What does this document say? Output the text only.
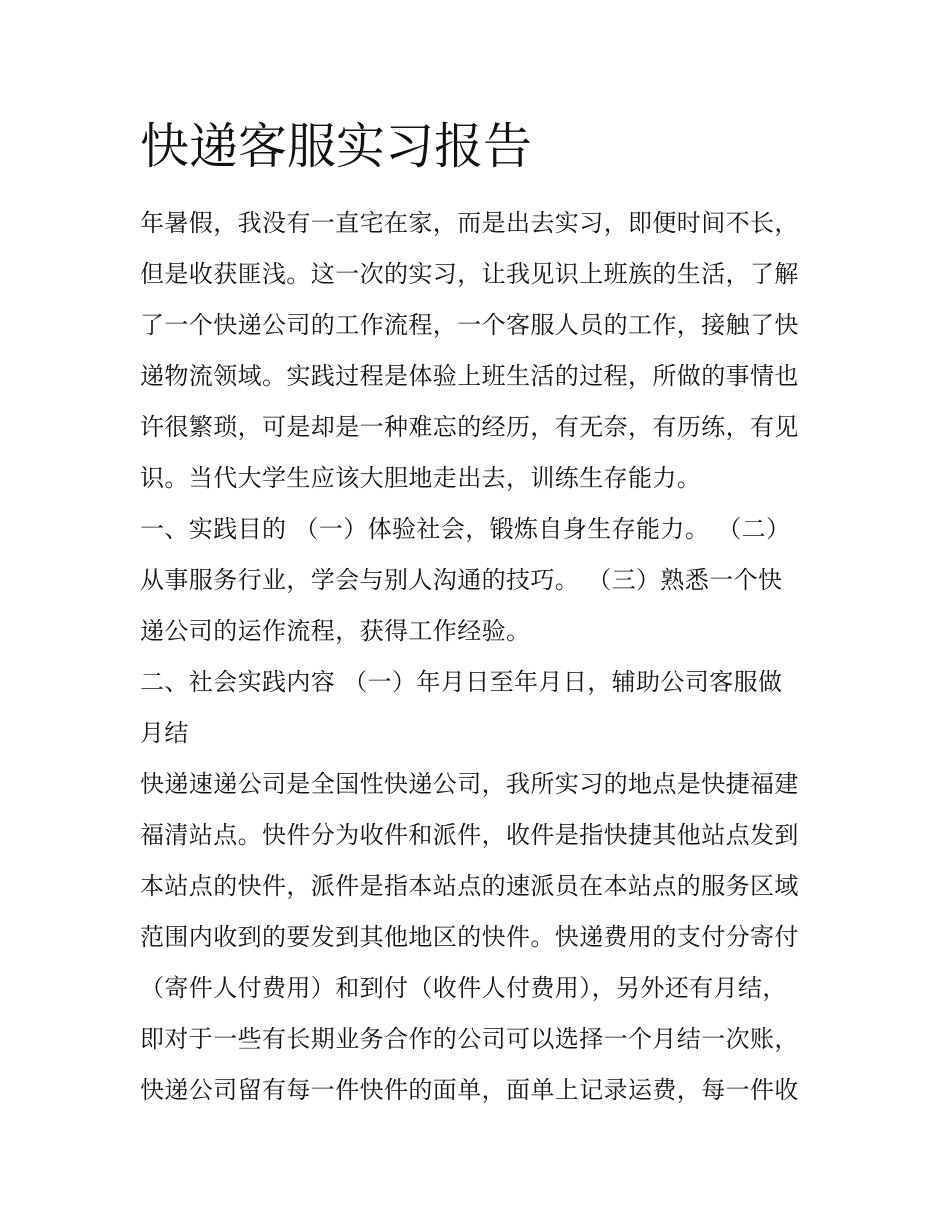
快递客服实习报告
年暑假，我没有一直宅在家，而是出去实习，即便时间不长，
但是收获匪浅。这一次的实习，让我见识上班族的生活，了解
了一个快递公司的工作流程，一个客服人员的工作，接触了快
递物流领域。实践过程是体验上班生活的过程，所做的事情也
许很繁琐，可是却是一种难忘的经历，有无奈，有历练，有见
识。当代大学生应该大胆地走出去，训练生存能力。
一、实践目的 （一）体验社会，锻炼自身生存能力。 （二）
从事服务行业，学会与别人沟通的技巧。 （三）熟悉一个快
递公司的运作流程，获得工作经验。
二、社会实践内容 （一）年月日至年月日，辅助公司客服做
月结
快递速递公司是全国性快递公司，我所实习的地点是快捷福建
福清站点。快件分为收件和派件，收件是指快捷其他站点发到
本站点的快件，派件是指本站点的速派员在本站点的服务区域
范围内收到的要发到其他地区的快件。快递费用的支付分寄付
（寄件人付费用）和到付（收件人付费用），另外还有月结，
即对于一些有长期业务合作的公司可以选择一个月结一次账，
快递公司留有每一件快件的面单，面单上记录运费，每一件收
